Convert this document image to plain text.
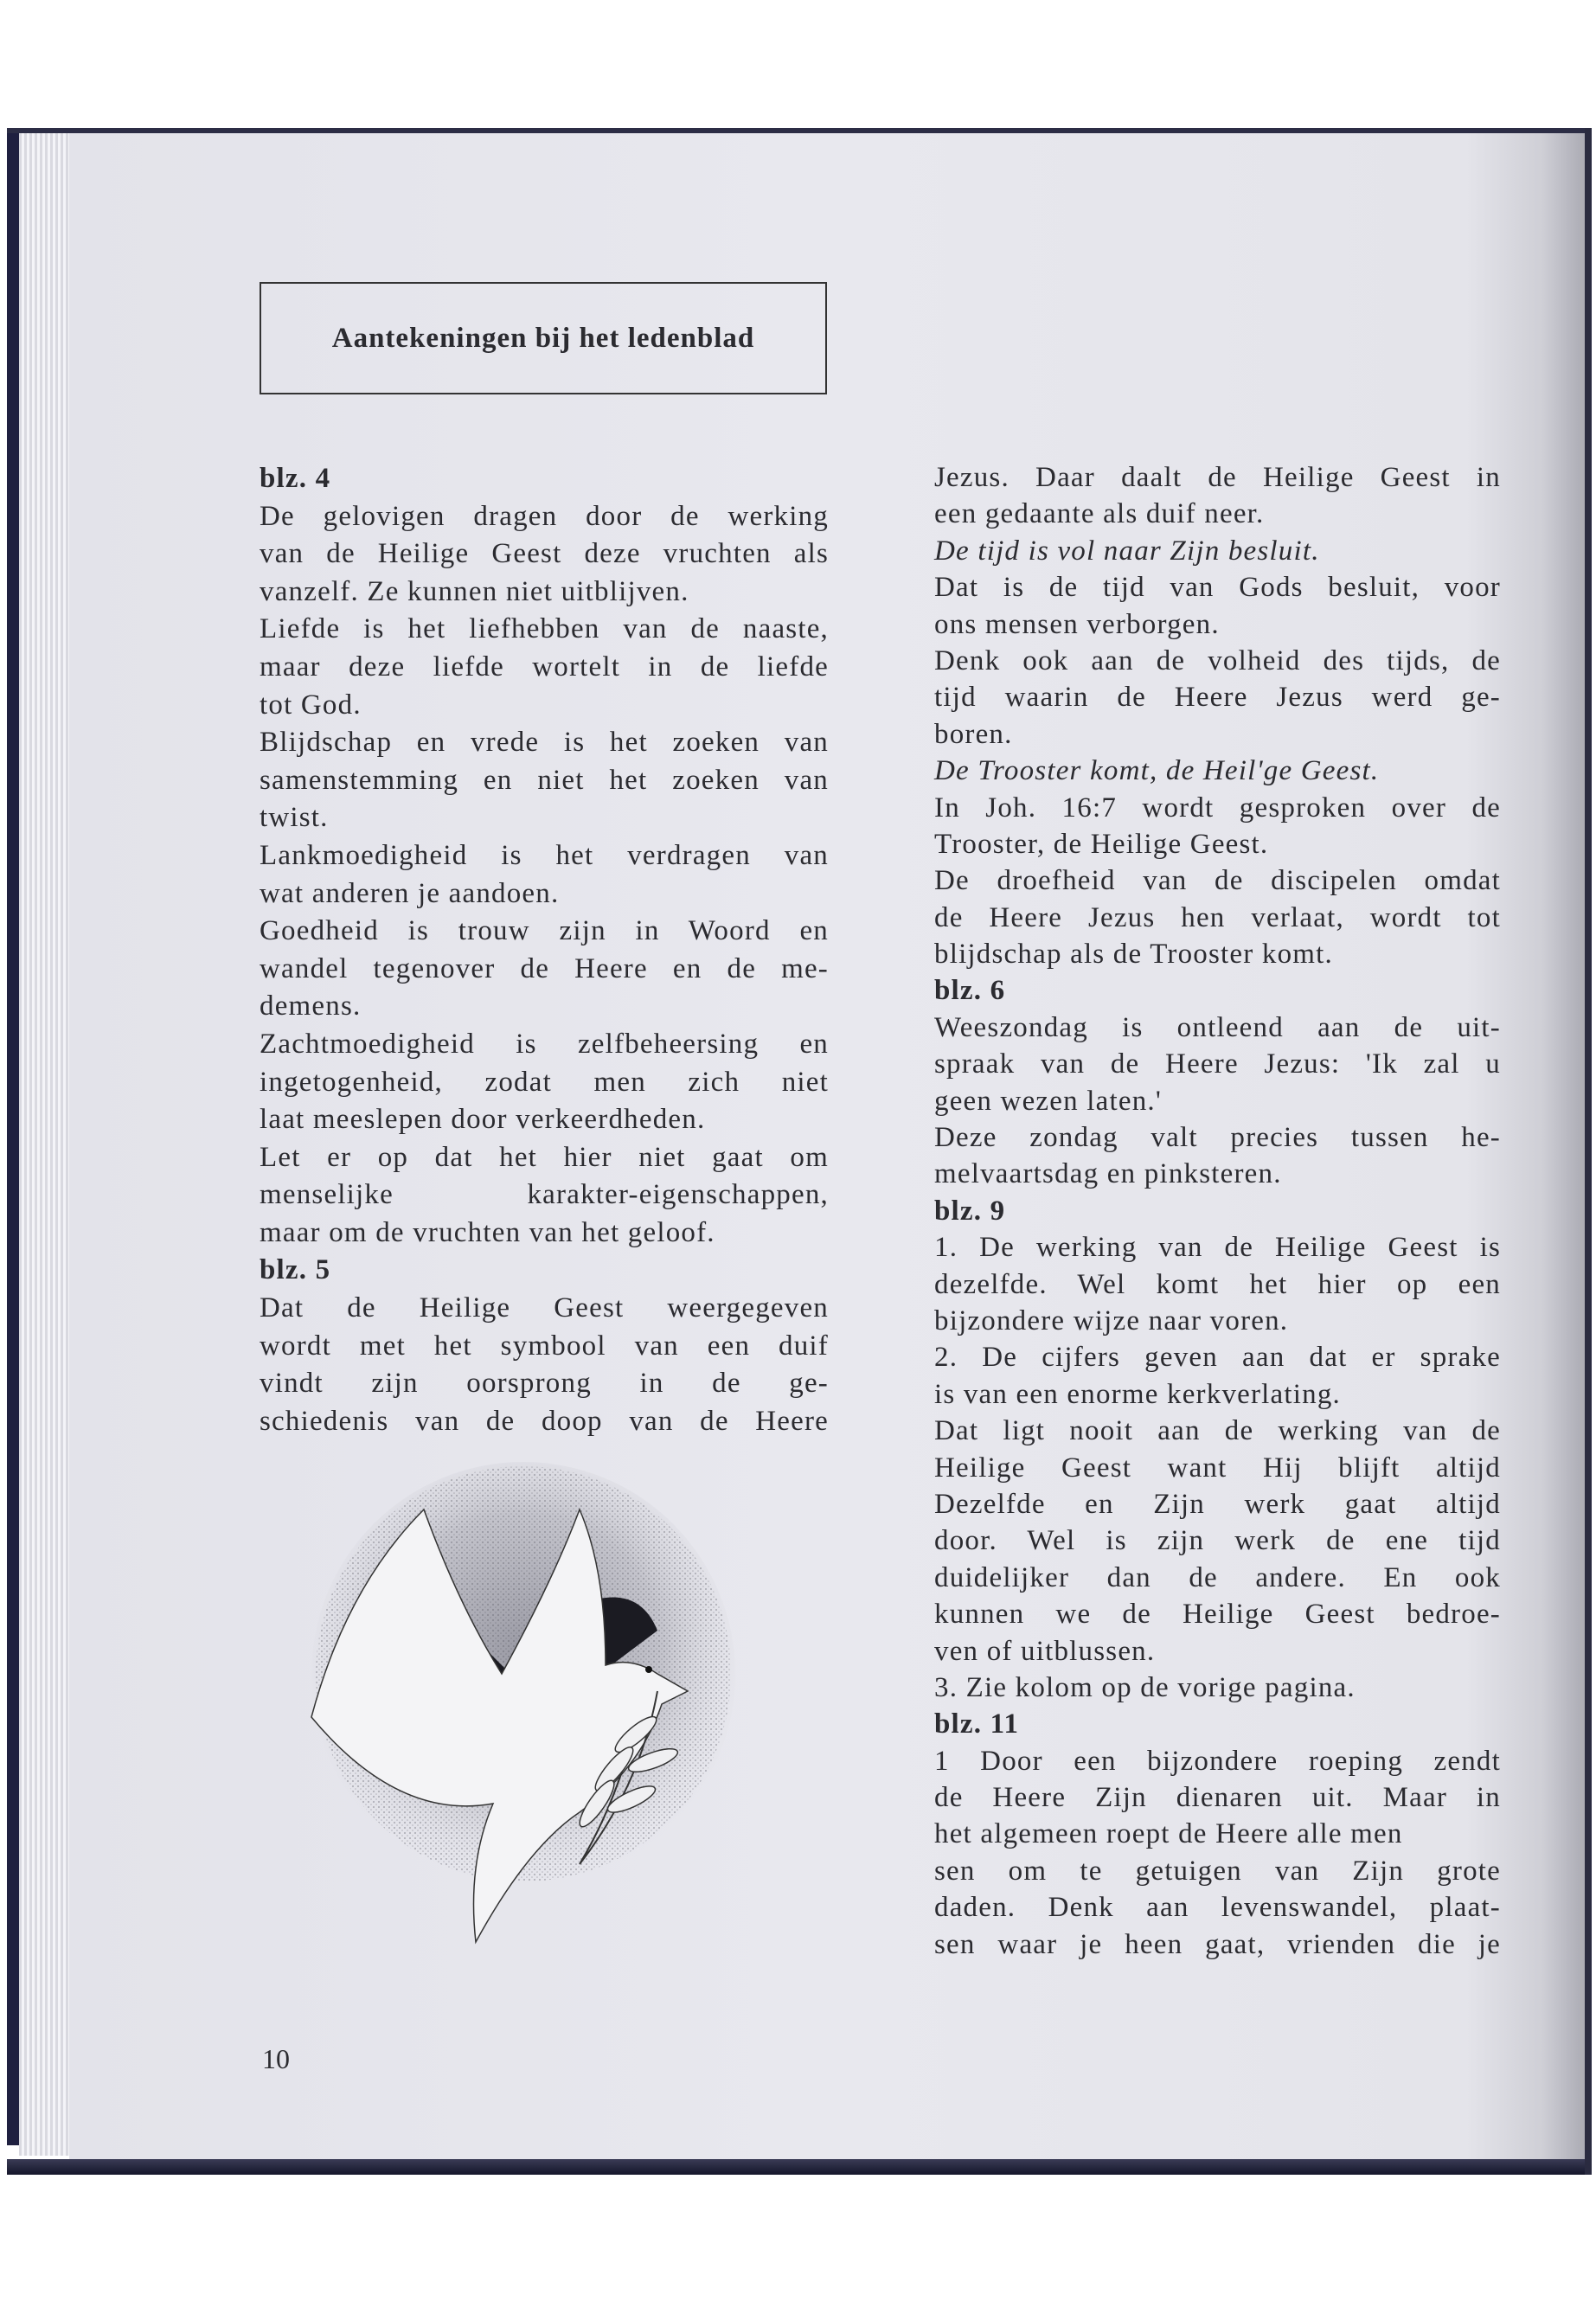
Aantekeningen bij het ledenblad
blz. 4
De gelovigen dragen door de werking
van de Heilige Geest deze vruchten als
vanzelf. Ze kunnen niet uitblijven.
Liefde is het liefhebben van de naaste,
maar deze liefde wortelt in de liefde
tot God.
Blijdschap en vrede is het zoeken van
samenstemming en niet het zoeken van
twist.
Lankmoedigheid is het verdragen van
wat anderen je aandoen.
Goedheid is trouw zijn in Woord en
wandel tegenover de Heere en de me-
demens.
Zachtmoedigheid is zelfbeheersing en
ingetogenheid, zodat men zich niet
laat meeslepen door verkeerdheden.
Let er op dat het hier niet gaat om
menselijke karakter-eigenschappen,
maar om de vruchten van het geloof.
blz. 5
Dat de Heilige Geest weergegeven
wordt met het symbool van een duif
vindt zijn oorsprong in de ge-
schiedenis van de doop van de Heere
Jezus. Daar daalt de Heilige Geest in
een gedaante als duif neer.
De tijd is vol naar Zijn besluit.
Dat is de tijd van Gods besluit, voor
ons mensen verborgen.
Denk ook aan de volheid des tijds, de
tijd waarin de Heere Jezus werd ge-
boren.
De Trooster komt, de Heil'ge Geest.
In Joh. 16:7 wordt gesproken over de
Trooster, de Heilige Geest.
De droefheid van de discipelen omdat
de Heere Jezus hen verlaat, wordt tot
blijdschap als de Trooster komt.
blz. 6
Weeszondag is ontleend aan de uit-
spraak van de Heere Jezus: 'Ik zal u
geen wezen laten.'
Deze zondag valt precies tussen he-
melvaartsdag en pinksteren.
blz. 9
1. De werking van de Heilige Geest is
dezelfde. Wel komt het hier op een
bijzondere wijze naar voren.
2. De cijfers geven aan dat er sprake
is van een enorme kerkverlating.
Dat ligt nooit aan de werking van de
Heilige Geest want Hij blijft altijd
Dezelfde en Zijn werk gaat altijd
door. Wel is zijn werk de ene tijd
duidelijker dan de andere. En ook
kunnen we de Heilige Geest bedroe-
ven of uitblussen.
3. Zie kolom op de vorige pagina.
blz. 11
1 Door een bijzondere roeping zendt
de Heere Zijn dienaren uit. Maar in
het algemeen roept de Heere alle men
sen om te getuigen van Zijn grote
daden. Denk aan levenswandel, plaat-
sen waar je heen gaat, vrienden die je
10
